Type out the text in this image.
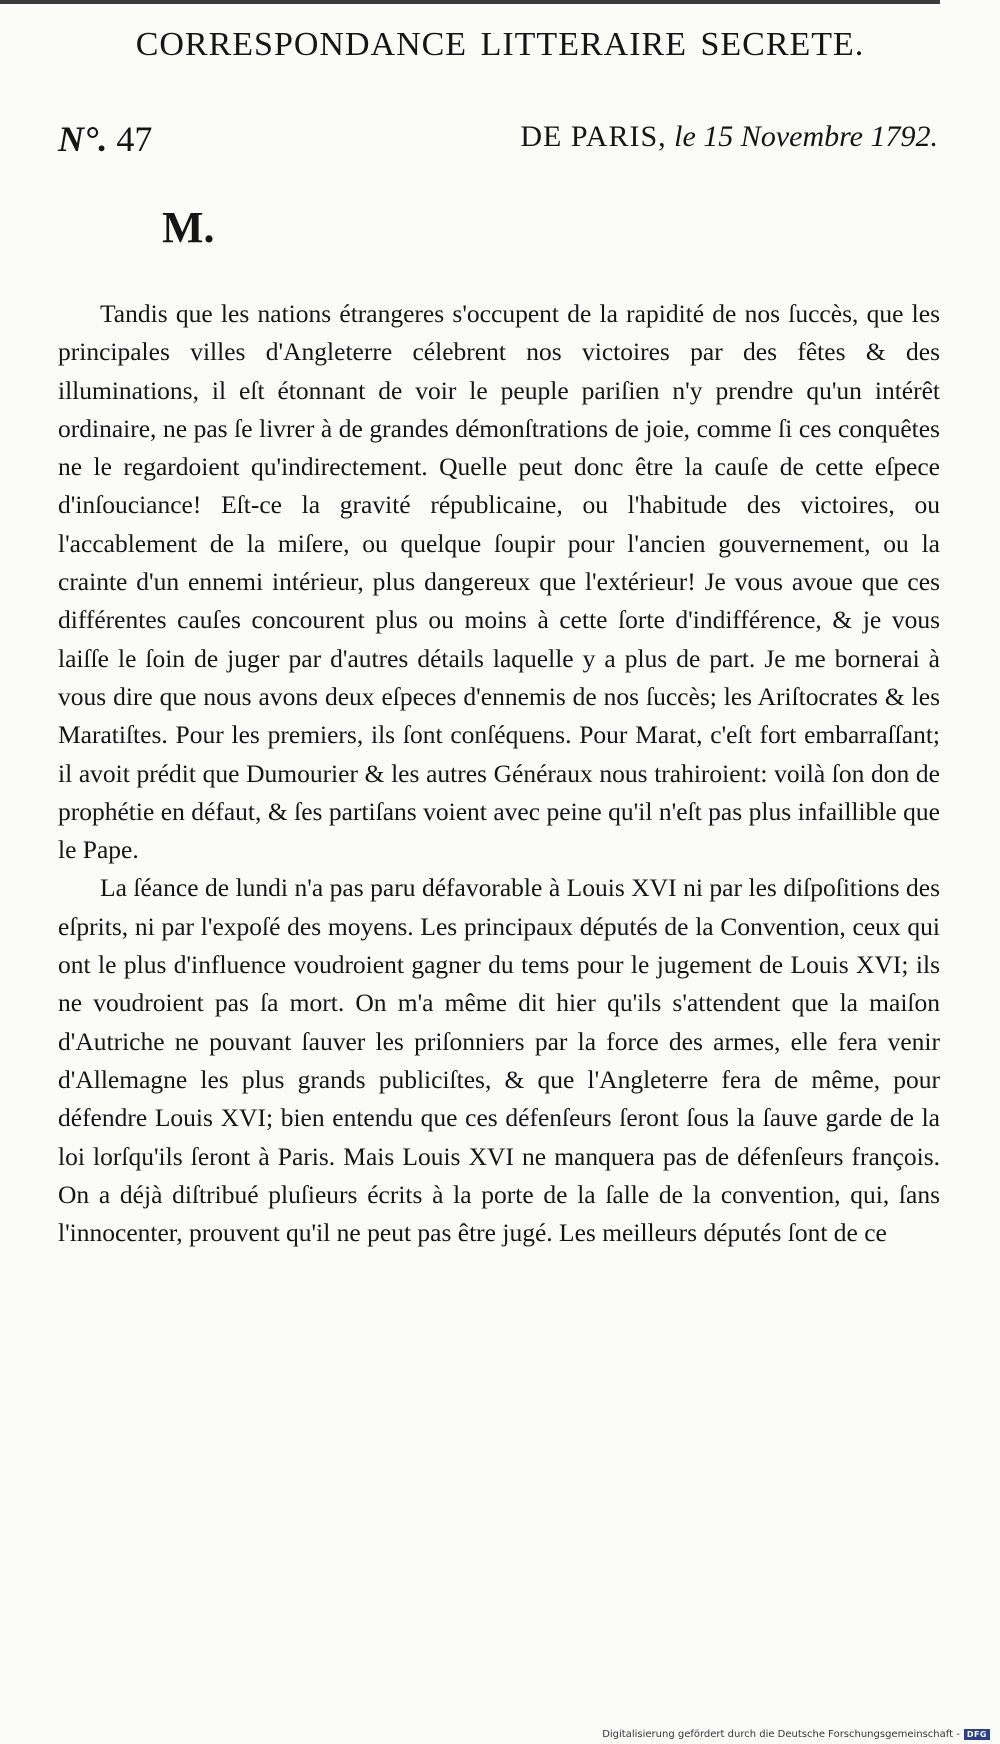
CORRESPONDANCE LITTERAIRE SECRETE.
N°. 47	DE PARIS, le 15 Novembre 1792.
M.

Tandis que les nations étrangeres s'occupent de la rapidité de nos ſuccès, que les principales villes d'Angleterre célebrent nos victoires par des fêtes & des illuminations, il eſt étonnant de voir le peuple pariſien n'y prendre qu'un intérêt ordinaire, ne pas ſe livrer à de grandes démonſtrations de joie, comme ſi ces conquêtes ne le regardoient qu'indirectement. Quelle peut donc être la cauſe de cette eſpece d'inſouciance! Eſt-ce la gravité républicaine, ou l'habitude des victoires, ou l'accablement de la miſere, ou quelque ſoupir pour l'ancien gouvernement, ou la crainte d'un ennemi intérieur, plus dangereux que l'extérieur! Je vous avoue que ces différentes cauſes concourent plus ou moins à cette ſorte d'indifférence, & je vous laiſſe le ſoin de juger par d'autres détails laquelle y a plus de part. Je me bornerai à vous dire que nous avons deux eſpeces d'ennemis de nos ſuccès; les Ariſtocrates & les Maratiſtes. Pour les premiers, ils ſont conſéquens. Pour Marat, c'eſt fort embarraſſant; il avoit prédit que Dumourier & les autres Généraux nous trahiroient: voilà ſon don de prophétie en défaut, & ſes partiſans voient avec peine qu'il n'eſt pas plus infaillible que le Pape.

La ſéance de lundi n'a pas paru défavorable à Louis XVI ni par les diſpoſitions des eſprits, ni par l'expoſé des moyens. Les principaux députés de la Convention, ceux qui ont le plus d'influence voudroient gagner du tems pour le jugement de Louis XVI; ils ne voudroient pas ſa mort. On m'a même dit hier qu'ils s'attendent que la maiſon d'Autriche ne pouvant ſauver les priſonniers par la force des armes, elle fera venir d'Allemagne les plus grands publiciſtes, & que l'Angleterre fera de même, pour défendre Louis XVI; bien entendu que ces défenſeurs ſeront ſous la ſauve garde de la loi lorſqu'ils ſeront à Paris. Mais Louis XVI ne manquera pas de défenſeurs françois. On a déjà diſtribué pluſieurs écrits à la porte de la ſalle de la convention, qui, ſans l'innocenter, prouvent qu'il ne peut pas être jugé. Les meilleurs députés ſont de ce

Digitalisierung gefördert durch die Deutsche Forschungsgemeinschaft - DFG
